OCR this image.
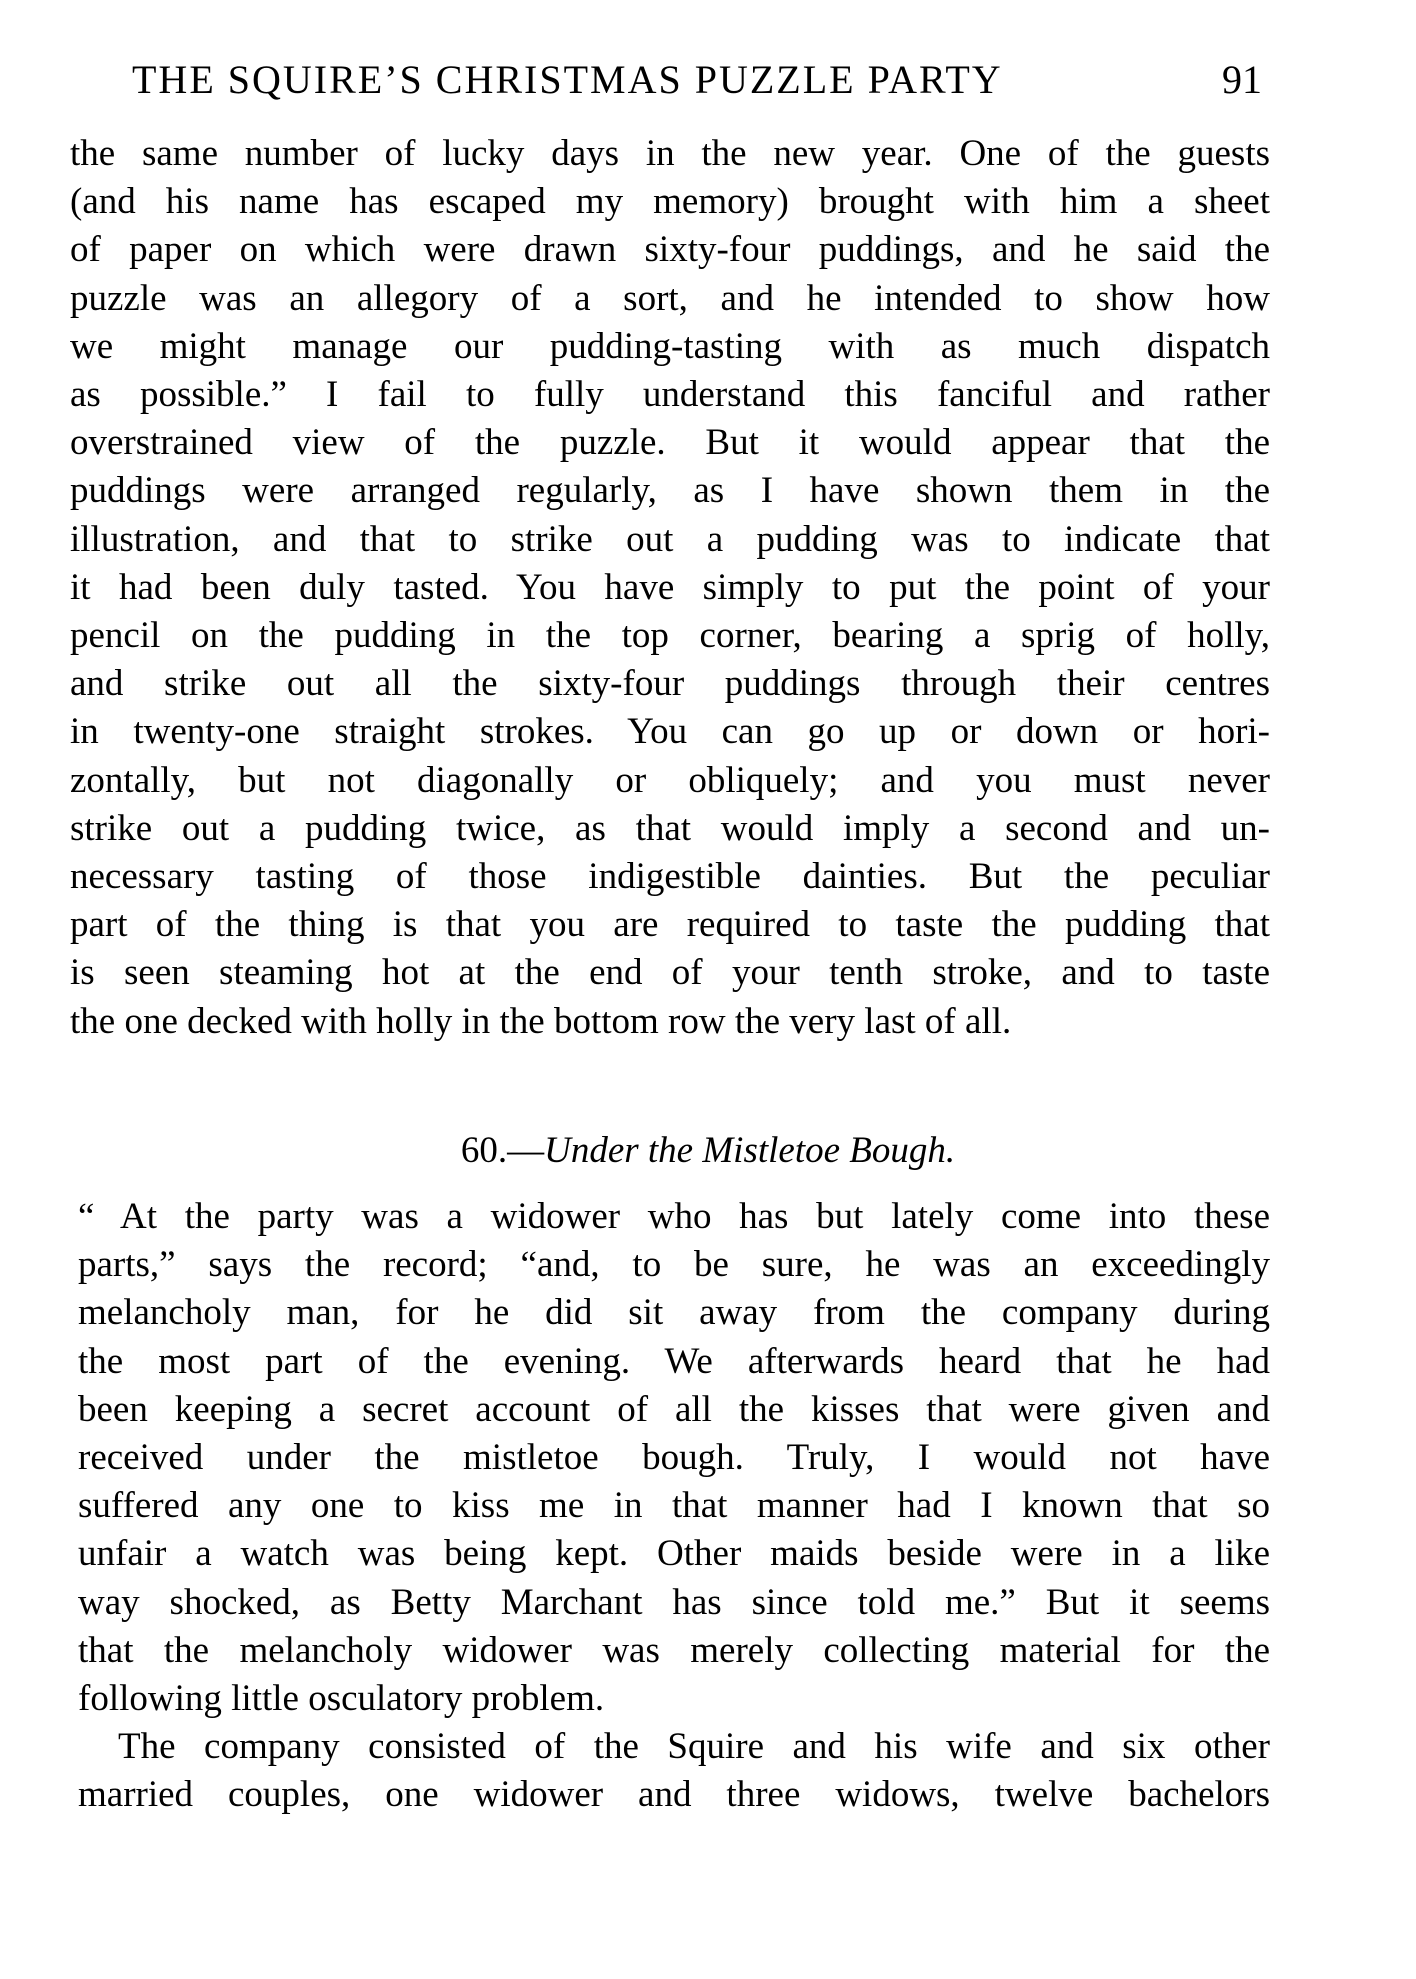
THE SQUIRE’S CHRISTMAS PUZZLE PARTY	91
the same number of lucky days in the new year. One of the guests
(and his name has escaped my memory) brought with him a sheet
of paper on which were drawn sixty-four puddings, and he said the
puzzle was an allegory of a sort, and he intended to show how
we might manage our pudding-tasting with as much dispatch
as possible.” I fail to fully understand this fanciful and rather
overstrained view of the puzzle. But it would appear that the
puddings were arranged regularly, as I have shown them in the
illustration, and that to strike out a pudding was to indicate that
it had been duly tasted. You have simply to put the point of your
pencil on the pudding in the top corner, bearing a sprig of holly,
and strike out all the sixty-four puddings through their centres
in twenty-one straight strokes. You can go up or down or hori-
zontally, but not diagonally or obliquely; and you must never
strike out a pudding twice, as that would imply a second and un-
necessary tasting of those indigestible dainties. But the peculiar
part of the thing is that you are required to taste the pudding that
is seen steaming hot at the end of your tenth stroke, and to taste
the one decked with holly in the bottom row the very last of all.
60.—Under the Mistletoe Bough.
“ At the party was a widower who has but lately come into these
parts,” says the record; “and, to be sure, he was an exceedingly
melancholy man, for he did sit away from the company during
the most part of the evening. We afterwards heard that he had
been keeping a secret account of all the kisses that were given and
received under the mistletoe bough. Truly, I would not have
suffered any one to kiss me in that manner had I known that so
unfair a watch was being kept. Other maids beside were in a like
way shocked, as Betty Marchant has since told me.” But it seems
that the melancholy widower was merely collecting material for the
following little osculatory problem.
The company consisted of the Squire and his wife and six other
married couples, one widower and three widows, twelve bachelors
